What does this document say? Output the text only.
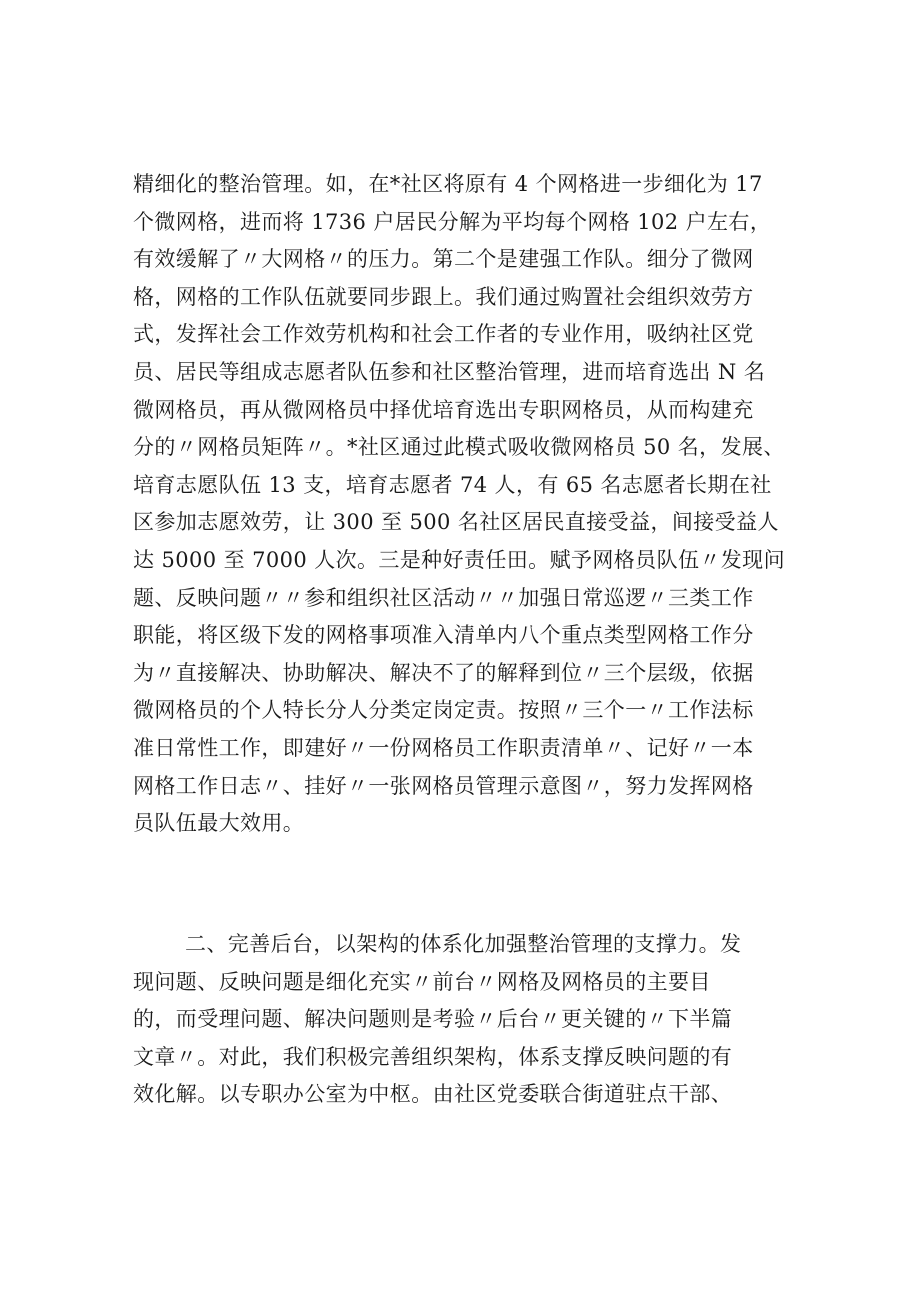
精细化的整治管理。如，在*社区将原有 4 个网格进一步细化为 17
个微网格，进而将 1736 户居民分解为平均每个网格 102 户左右，
有效缓解了〃大网格〃的压力。第二个是建强工作队。细分了微网
格，网格的工作队伍就要同步跟上。我们通过购置社会组织效劳方
式，发挥社会工作效劳机构和社会工作者的专业作用，吸纳社区党
员、居民等组成志愿者队伍参和社区整治管理，进而培育选出 N 名
微网格员，再从微网格员中择优培育选出专职网格员，从而构建充
分的〃网格员矩阵〃。*社区通过此模式吸收微网格员 50 名，发展、
培育志愿队伍 13 支，培育志愿者 74 人，有 65 名志愿者长期在社
区参加志愿效劳，让 300 至 500 名社区居民直接受益，间接受益人
达 5000 至 7000 人次。三是种好责任田。赋予网格员队伍〃发现问
题、反映问题〃〃参和组织社区活动〃〃加强日常巡逻〃三类工作
职能，将区级下发的网格事项准入清单内八个重点类型网格工作分
为〃直接解决、协助解决、解决不了的解释到位〃三个层级，依据
微网格员的个人特长分人分类定岗定责。按照〃三个一〃工作法标
准日常性工作，即建好〃一份网格员工作职责清单〃、记好〃一本
网格工作日志〃、挂好〃一张网格员管理示意图〃，努力发挥网格
员队伍最大效用。
二、完善后台，以架构的体系化加强整治管理的支撑力。发
现问题、反映问题是细化充实〃前台〃网格及网格员的主要目
的，而受理问题、解决问题则是考验〃后台〃更关键的〃下半篇
文章〃。对此，我们积极完善组织架构，体系支撑反映问题的有
效化解。以专职办公室为中枢。由社区党委联合街道驻点干部、
